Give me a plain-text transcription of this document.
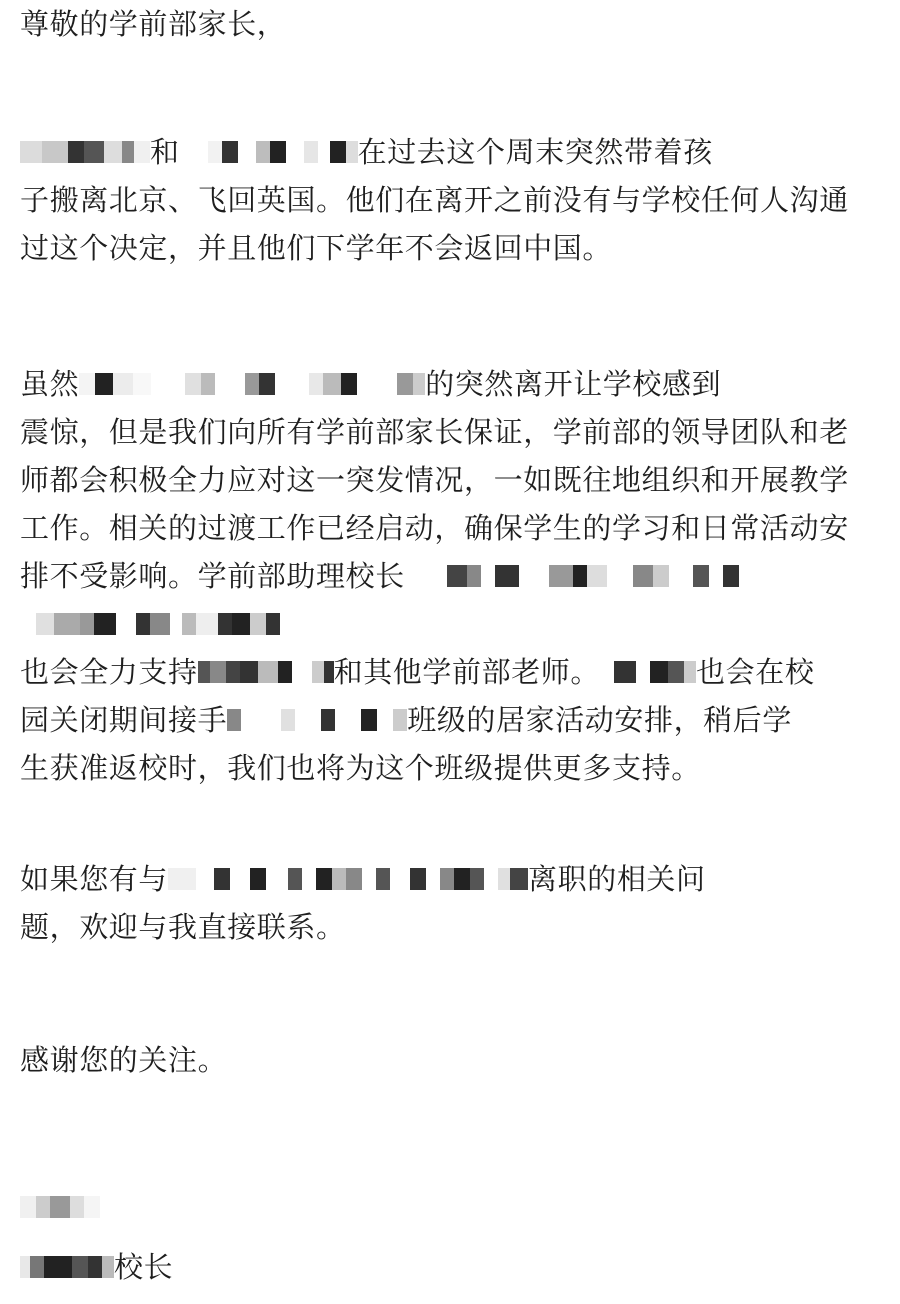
尊敬的学前部家长，
和	在过去这个周末突然带着孩
子搬离北京、飞回英国。他们在离开之前没有与学校任何人沟通
过这个决定，并且他们下学年不会返回中国。
虽然	的突然离开让学校感到
震惊，但是我们向所有学前部家长保证，学前部的领导团队和老
师都会积极全力应对这一突发情况，一如既往地组织和开展教学
工作。相关的过渡工作已经启动，确保学生的学习和日常活动安
排不受影响。学前部助理校长
也会全力支持	和其他学前部老师。	也会在校
园关闭期间接手	班级的居家活动安排，稍后学
生获准返校时，我们也将为这个班级提供更多支持。
如果您有与	离职的相关问
题，欢迎与我直接联系。
感谢您的关注。
校长
